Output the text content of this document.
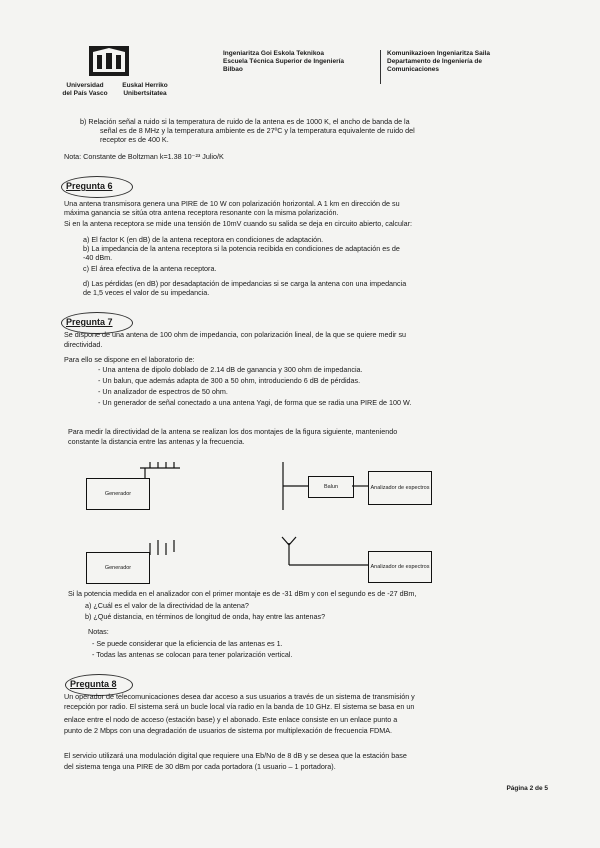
Universidad
del País Vasco
Euskal Herriko
Unibertsitatea
Ingeniaritza Goi Eskola Teknikoa
Escuela Técnica Superior de Ingeniería
Bilbao
Komunikazioen Ingeniaritza Saila
Departamento de Ingeniería de
Comunicaciones
b) Relación señal a ruido si la temperatura de ruido de la antena es de 1000 K, el ancho de banda de la
señal es de 8 MHz y la temperatura ambiente es de 27ºC y la temperatura equivalente de ruido del
receptor es de 400 K.
Nota: Constante de Boltzman k=1.38 10⁻²³ Julio/K
Pregunta 6
Una antena transmisora genera una PIRE de 10 W con polarización horizontal. A 1 km en dirección de su
máxima ganancia se sitúa otra antena receptora resonante con la misma polarización.
Si en la antena receptora se mide una tensión de 10mV cuando su salida se deja en circuito abierto, calcular:
a) El factor K (en dB) de la antena receptora en condiciones de adaptación.
b) La impedancia de la antena receptora si la potencia recibida en condiciones de adaptación es de
-40 dBm.
c) El área efectiva de la antena receptora.
d) Las pérdidas (en dB) por desadaptación de impedancias si se carga la antena con una impedancia
de 1,5 veces el valor de su impedancia.
Pregunta 7
Se dispone de una antena de 100 ohm de impedancia, con polarización lineal, de la que se quiere medir su
directividad.
Para ello se dispone en el laboratorio de:
- Una antena de dipolo doblado de 2.14 dB de ganancia y 300 ohm de impedancia.
- Un balun, que además adapta de 300 a 50 ohm, introduciendo 6 dB de pérdidas.
- Un analizador de espectros de 50 ohm.
- Un generador de señal conectado a una antena Yagi, de forma que se radia una PIRE de 100 W.
Para medir la directividad de la antena se realizan los dos montajes de la figura siguiente, manteniendo
constante la distancia entre las antenas y la frecuencia.
Generador
Balun	Analizador de espectros
Generador	Analizador de espectros
Si la potencia medida en el analizador con el primer montaje es de -31 dBm y con el segundo es de -27 dBm,
a) ¿Cuál es el valor de la directividad de la antena?
b) ¿Qué distancia, en términos de longitud de onda, hay entre las antenas?
Notas:
- Se puede considerar que la eficiencia de las antenas es 1.
- Todas las antenas se colocan para tener polarización vertical.
Pregunta 8
Un operador de telecomunicaciones desea dar acceso a sus usuarios a través de un sistema de transmisión y
recepción por radio. El sistema será un bucle local vía radio en la banda de 10 GHz. El sistema se basa en un
enlace entre el nodo de acceso (estación base) y el abonado. Este enlace consiste en un enlace punto a
punto de 2 Mbps con una degradación de usuarios de sistema por multiplexación de frecuencia FDMA.
El servicio utilizará una modulación digital que requiere una Eb/No de 8 dB y se desea que la estación base
del sistema tenga una PIRE de 30 dBm por cada portadora (1 usuario – 1 portadora).
Página 2 de 5
